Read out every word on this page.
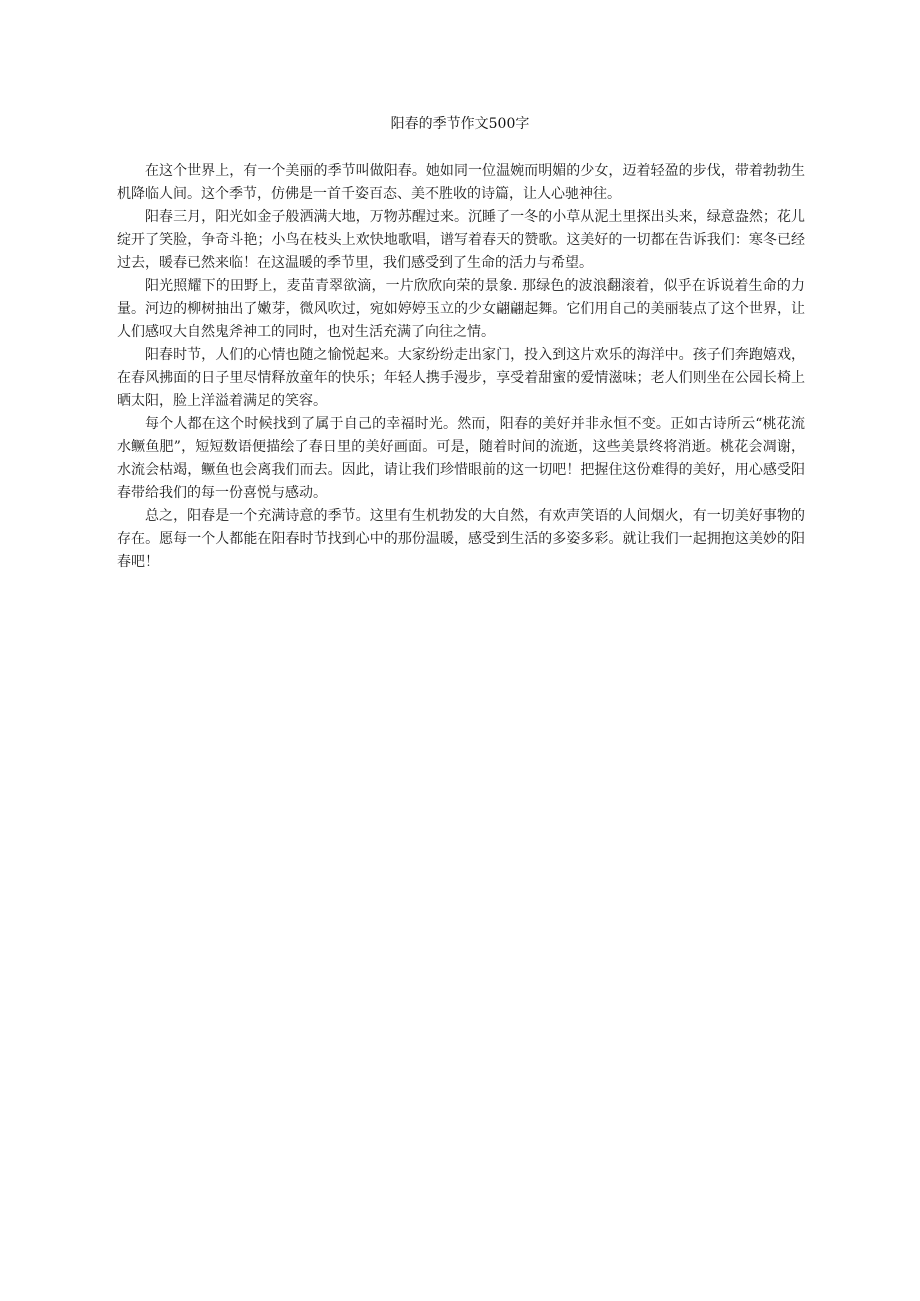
阳春的季节作文500字

在这个世界上，有一个美丽的季节叫做阳春。她如同一位温婉而明媚的少女，迈着轻盈的步伐，带着勃勃生机降临人间。这个季节，仿佛是一首千姿百态、美不胜收的诗篇，让人心驰神往。

阳春三月，阳光如金子般洒满大地，万物苏醒过来。沉睡了一冬的小草从泥土里探出头来，绿意盎然；花儿绽开了笑脸，争奇斗艳；小鸟在枝头上欢快地歌唱，谱写着春天的赞歌。这美好的一切都在告诉我们：寒冬已经过去，暖春已然来临！在这温暖的季节里，我们感受到了生命的活力与希望。

阳光照耀下的田野上，麦苗青翠欲滴，一片欣欣向荣的景象. 那绿色的波浪翻滚着，似乎在诉说着生命的力量。河边的柳树抽出了嫩芽，微风吹过，宛如婷婷玉立的少女翩翩起舞。它们用自己的美丽装点了这个世界，让人们感叹大自然鬼斧神工的同时，也对生活充满了向往之情。

阳春时节，人们的心情也随之愉悦起来。大家纷纷走出家门，投入到这片欢乐的海洋中。孩子们奔跑嬉戏，在春风拂面的日子里尽情释放童年的快乐；年轻人携手漫步，享受着甜蜜的爱情滋味；老人们则坐在公园长椅上晒太阳，脸上洋溢着满足的笑容。

每个人都在这个时候找到了属于自己的幸福时光。然而，阳春的美好并非永恒不变。正如古诗所云“桃花流水鳜鱼肥”，短短数语便描绘了春日里的美好画面。可是，随着时间的流逝，这些美景终将消逝。桃花会凋谢，水流会枯竭，鳜鱼也会离我们而去。因此，请让我们珍惜眼前的这一切吧！把握住这份难得的美好，用心感受阳春带给我们的每一份喜悦与感动。

总之，阳春是一个充满诗意的季节。这里有生机勃发的大自然，有欢声笑语的人间烟火，有一切美好事物的存在。愿每一个人都能在阳春时节找到心中的那份温暖，感受到生活的多姿多彩。就让我们一起拥抱这美妙的阳春吧！
